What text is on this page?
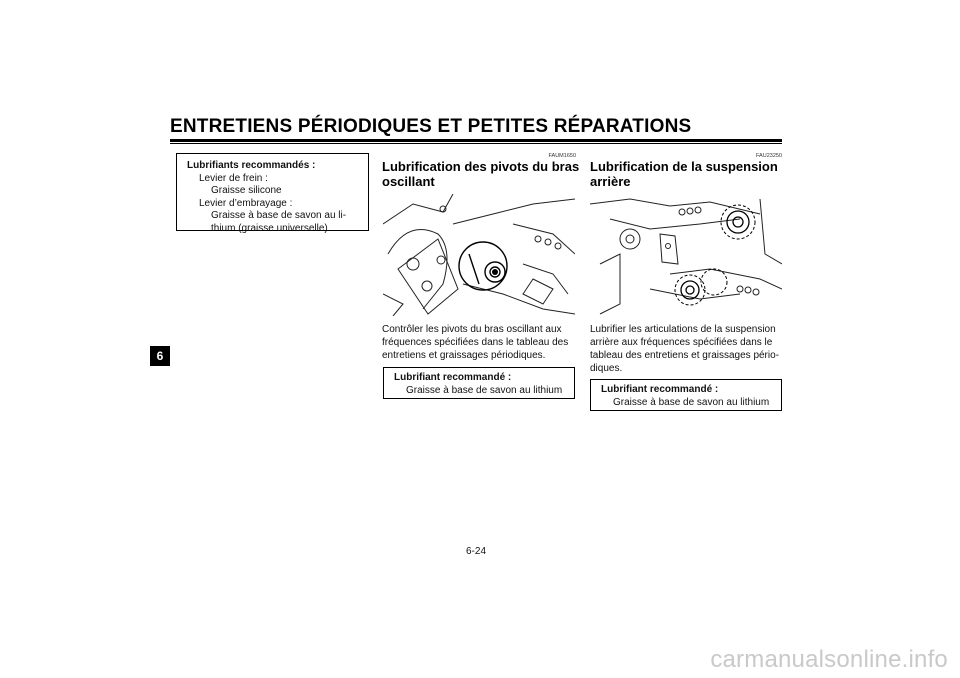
ENTRETIENS PÉRIODIQUES ET PETITES RÉPARATIONS
6
Lubrifiants recommandés :
Levier de frein :
Graisse silicone
Levier d’embrayage :
Graisse à base de savon au li-
thium (graisse universelle)
FAUM1650
Lubrification des pivots du bras
oscillant
Contrôler les pivots du bras oscillant aux
fréquences spécifiées dans le tableau des
entretiens et graissages périodiques.
Lubrifiant recommandé :
Graisse à base de savon au lithium
FAU23250
Lubrification de la suspension
arrière
Lubrifier les articulations de la suspension
arrière aux fréquences spécifiées dans le
tableau des entretiens et graissages pério-
diques.
Lubrifiant recommandé :
Graisse à base de savon au lithium
6-24
carmanualsonline.info
